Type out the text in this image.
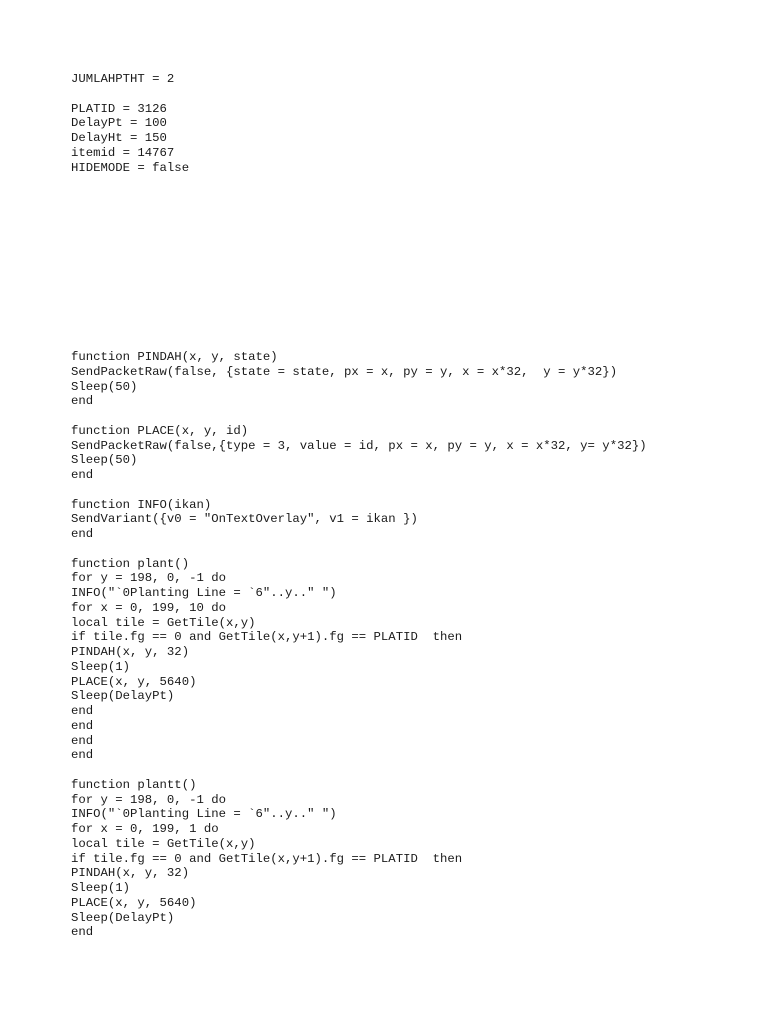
JUMLAHPTHT = 2
PLATID = 3126
DelayPt = 100
DelayHt = 150
itemid = 14767
HIDEMODE = false
function PINDAH(x, y, state)
SendPacketRaw(false, {state = state, px = x, py = y, x = x*32,  y = y*32})
Sleep(50)
end
function PLACE(x, y, id)
SendPacketRaw(false,{type = 3, value = id, px = x, py = y, x = x*32, y= y*32})
Sleep(50)
end
function INFO(ikan)
SendVariant({v0 = "OnTextOverlay", v1 = ikan })
end
function plant()
for y = 198, 0, -1 do
INFO("`0Planting Line = `6"..y.." ")
for x = 0, 199, 10 do
local tile = GetTile(x,y)
if tile.fg == 0 and GetTile(x,y+1).fg == PLATID  then
PINDAH(x, y, 32)
Sleep(1)
PLACE(x, y, 5640)
Sleep(DelayPt)
end
end
end
end
function plantt()
for y = 198, 0, -1 do
INFO("`0Planting Line = `6"..y.." ")
for x = 0, 199, 1 do
local tile = GetTile(x,y)
if tile.fg == 0 and GetTile(x,y+1).fg == PLATID  then
PINDAH(x, y, 32)
Sleep(1)
PLACE(x, y, 5640)
Sleep(DelayPt)
end
